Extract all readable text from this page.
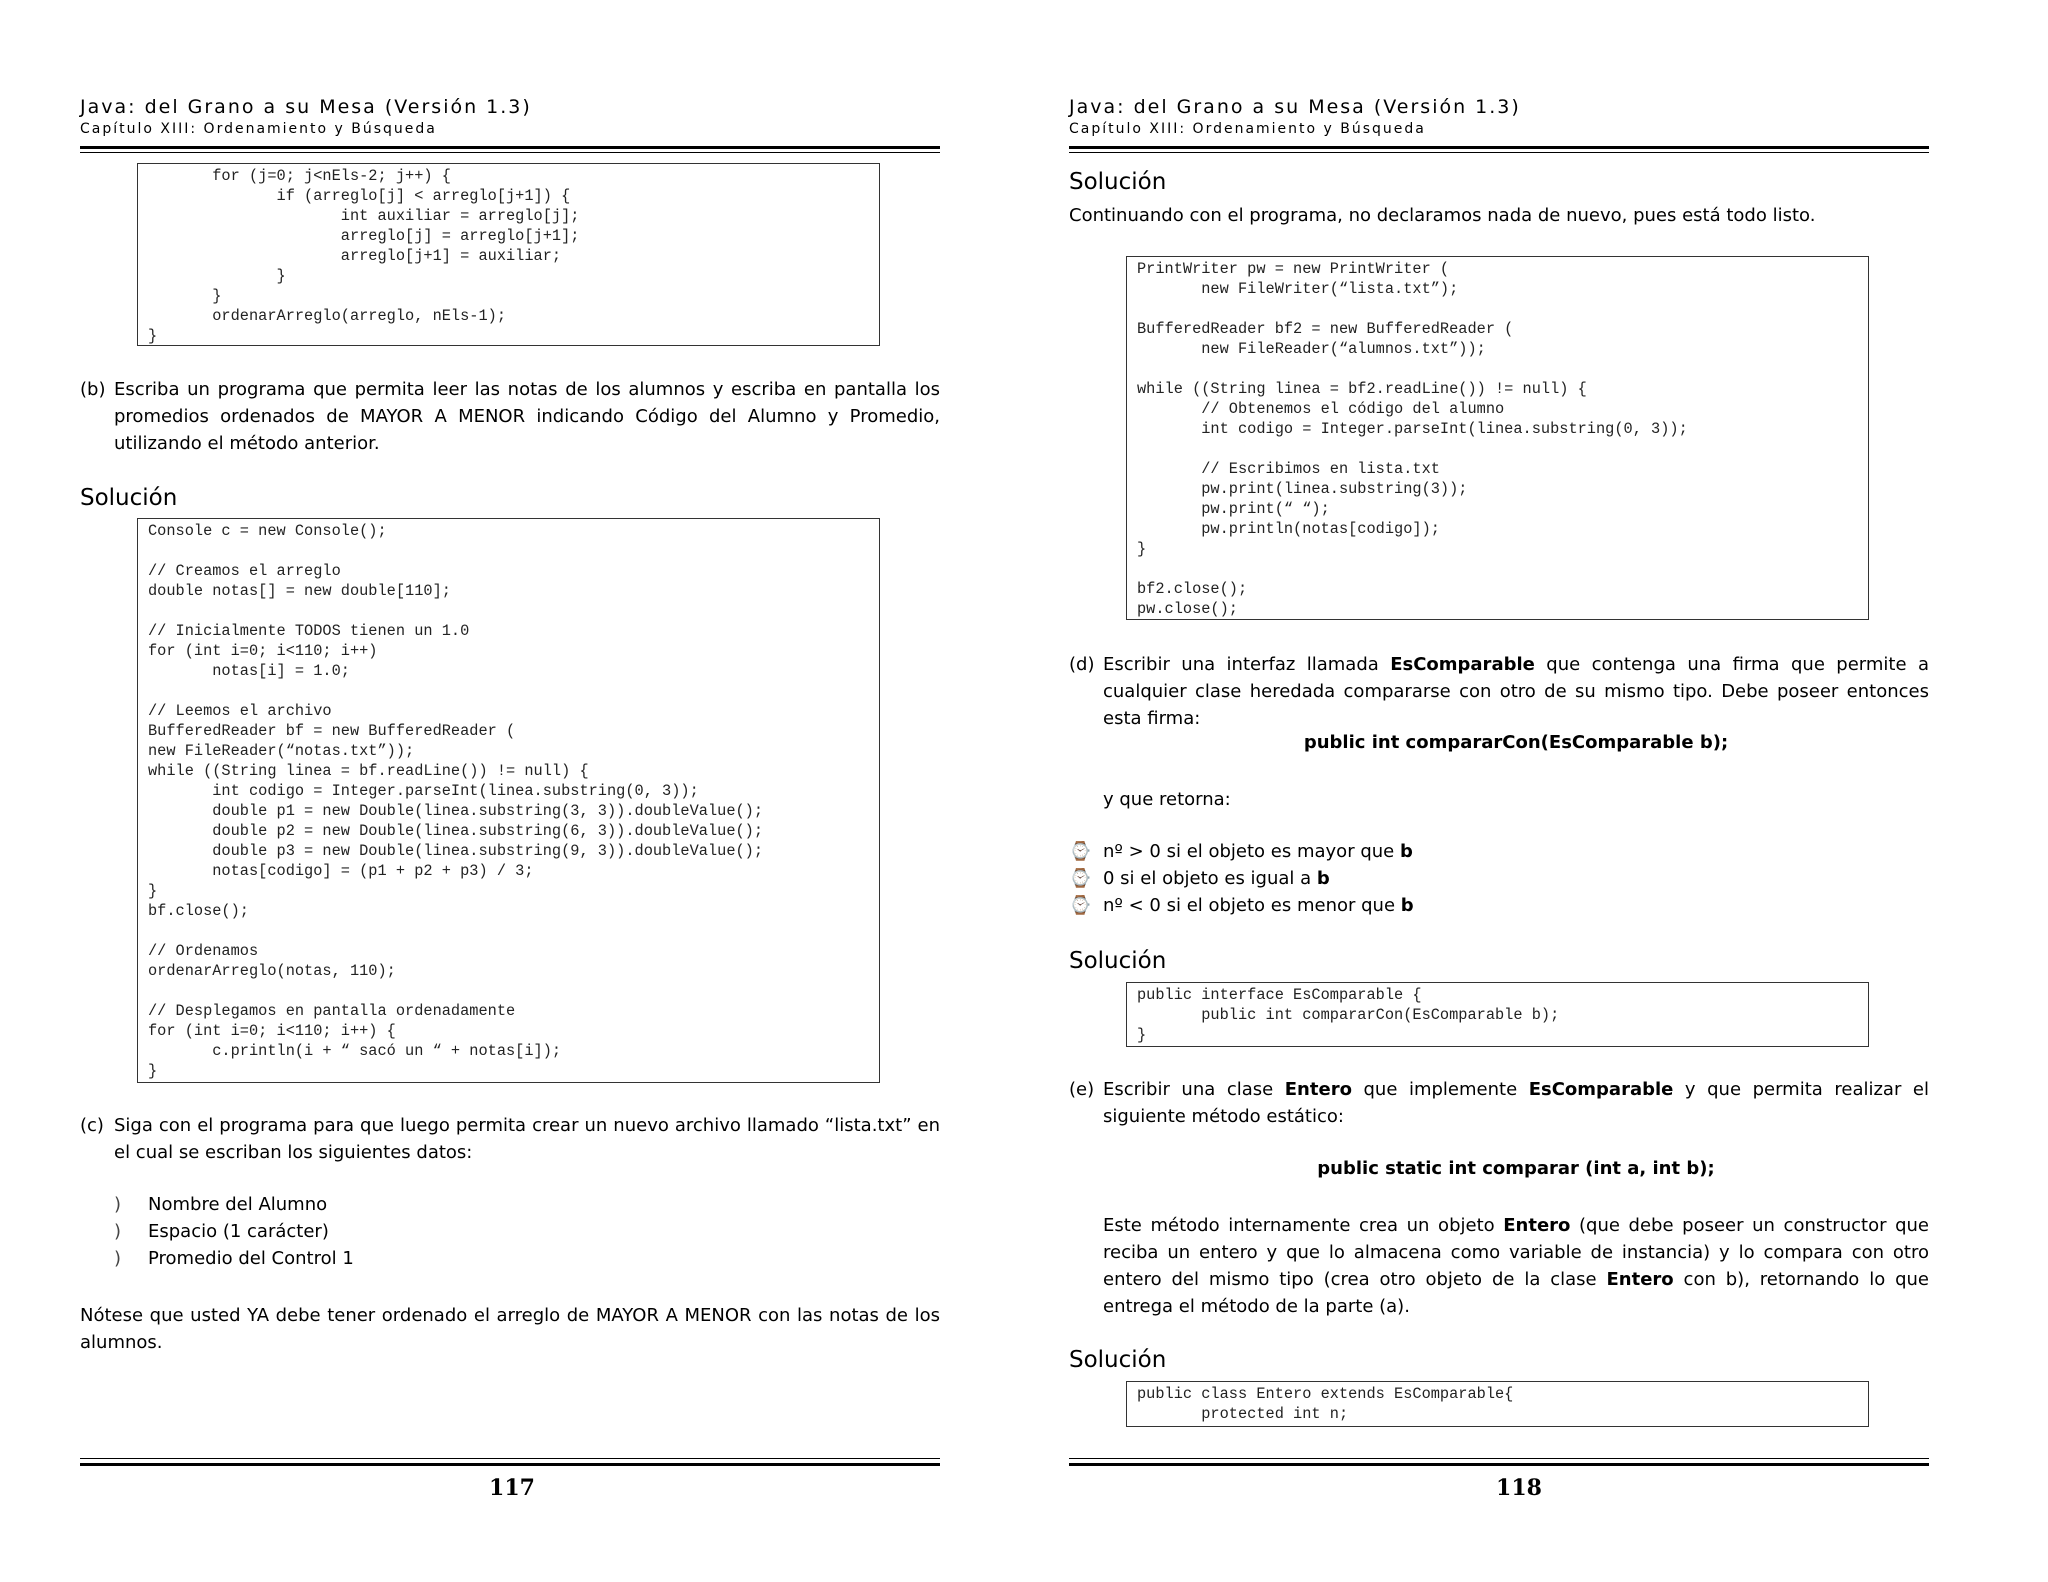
Java: del Grano a su Mesa (Versión 1.3)
Capítulo XIII: Ordenamiento y Búsqueda
for (j=0; j<nEls-2; j++) {
if (arreglo[j] < arreglo[j+1]) {
int auxiliar = arreglo[j];
arreglo[j] = arreglo[j+1];
arreglo[j+1] = auxiliar;
}
}
ordenarArreglo(arreglo, nEls-1);
}
(b) Escriba un programa que permita leer las notas de los alumnos y escriba en pantalla los promedios ordenados de MAYOR A MENOR indicando Código del Alumno y Promedio, utilizando el método anterior.

Solución
Console c = new Console();

// Creamos el arreglo
double notas[] = new double[110];

// Inicialmente TODOS tienen un 1.0
for (int i=0; i<110; i++)
notas[i] = 1.0;

// Leemos el archivo
BufferedReader bf = new BufferedReader (
new FileReader(“notas.txt”));
while ((String linea = bf.readLine()) != null) {
int codigo = Integer.parseInt(linea.substring(0, 3));
double p1 = new Double(linea.substring(3, 3)).doubleValue();
double p2 = new Double(linea.substring(6, 3)).doubleValue();
double p3 = new Double(linea.substring(9, 3)).doubleValue();
notas[codigo] = (p1 + p2 + p3) / 3;
}
bf.close();

// Ordenamos
ordenarArreglo(notas, 110);

// Desplegamos en pantalla ordenadamente
for (int i=0; i<110; i++) {
c.println(i + “ sacó un “ + notas[i]);
}
(c) Siga con el programa para que luego permita crear un nuevo archivo llamado “lista.txt” en el cual se escriban los siguientes datos:

) Nombre del Alumno
) Espacio (1 carácter)
) Promedio del Control 1

Nótese que usted YA debe tener ordenado el arreglo de MAYOR A MENOR con las notas de los alumnos.

117
Java: del Grano a su Mesa (Versión 1.3)
Capítulo XIII: Ordenamiento y Búsqueda
Solución

Continuando con el programa, no declaramos nada de nuevo, pues está todo listo.

PrintWriter pw = new PrintWriter (
new FileWriter(“lista.txt”);

BufferedReader bf2 = new BufferedReader (
new FileReader(“alumnos.txt”));

while ((String linea = bf2.readLine()) != null) {
// Obtenemos el código del alumno
int codigo = Integer.parseInt(linea.substring(0, 3));

// Escribimos en lista.txt
pw.print(linea.substring(3));
pw.print(“ “);
pw.println(notas[codigo]);
}

bf2.close();
pw.close();
(d) Escribir una interfaz llamada EsComparable que contenga una firma que permite a cualquier clase heredada compararse con otro de su mismo tipo. Debe poseer entonces esta firma:

public int compararCon(EsComparable b);
y que retorna:
⌚ nº > 0 si el objeto es mayor que b
⌚ 0 si el objeto es igual a b
⌚ nº < 0 si el objeto es menor que b
Solución
public interface EsComparable {
public int compararCon(EsComparable b);
}
(e) Escribir una clase Entero que implemente EsComparable y que permita realizar el siguiente método estático:

public static int comparar (int a, int b);

Este método internamente crea un objeto Entero (que debe poseer un constructor que reciba un entero y que lo almacena como variable de instancia) y lo compara con otro entero del mismo tipo (crea otro objeto de la clase Entero con b), retornando lo que entrega el método de la parte (a).

Solución
public class Entero extends EsComparable{
protected int n;
118
